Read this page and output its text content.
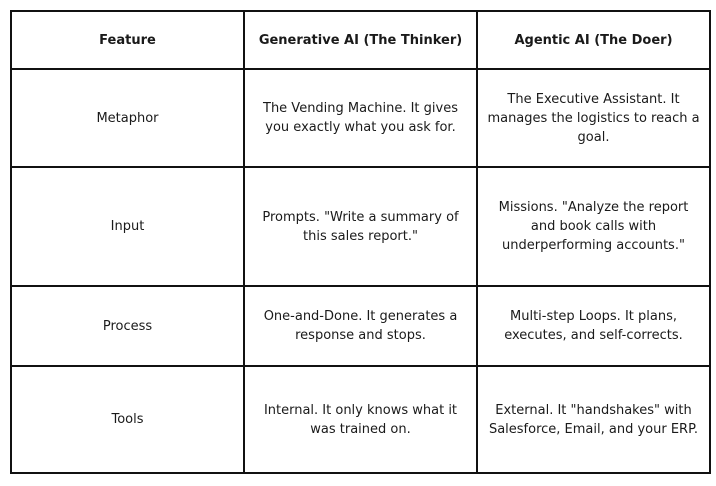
Feature	Generative AI (The Thinker)	Agentic AI (The Doer)
Metaphor	The Vending Machine. It gives you exactly what you ask for.	The Executive Assistant. It manages the logistics to reach a goal.
Input	Prompts. "Write a summary of this sales report."	Missions. "Analyze the report and book calls with underperforming accounts."
Process	One-and-Done. It generates a response and stops.	Multi-step Loops. It plans, executes, and self-corrects.
Tools	Internal. It only knows what it was trained on.	External. It "handshakes" with Salesforce, Email, and your ERP.
